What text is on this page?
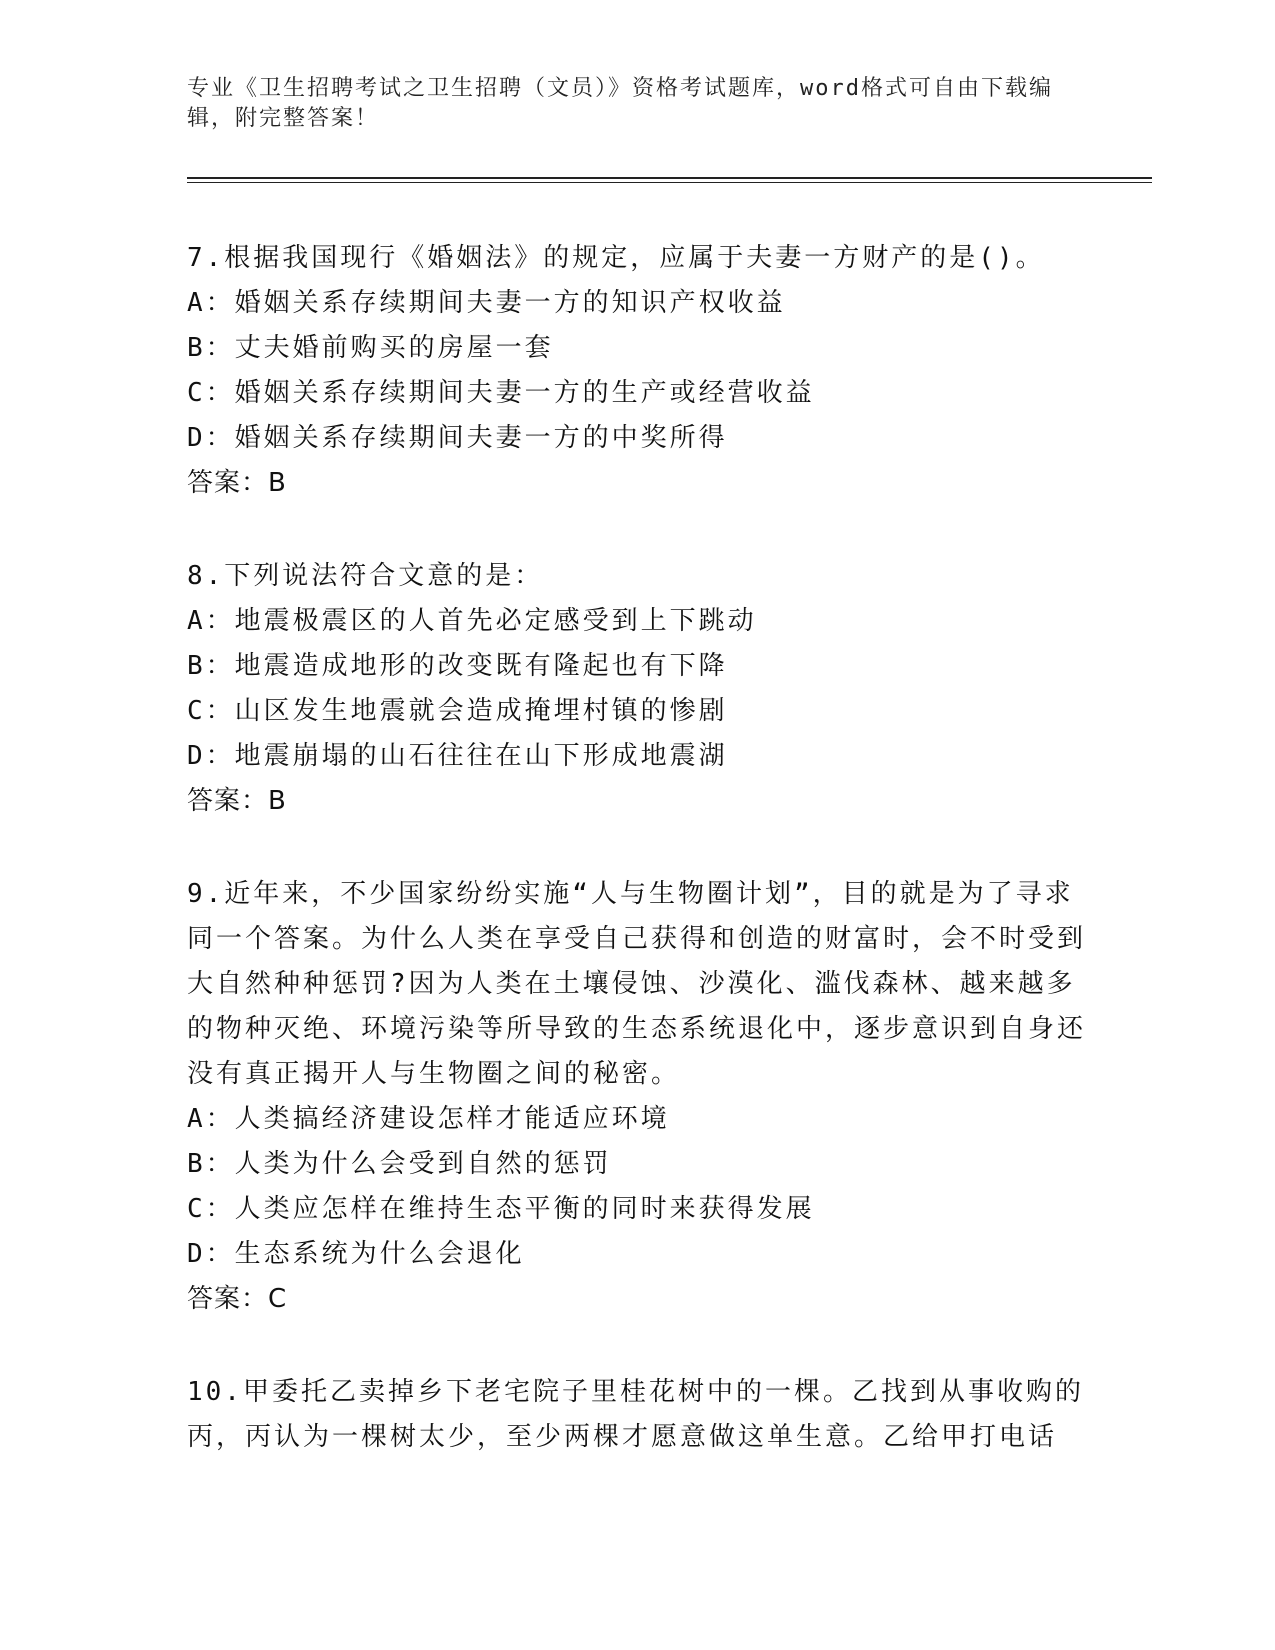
专业《卫生招聘考试之卫生招聘（文员）》资格考试题库，word格式可自由下载编辑，附完整答案！

7.根据我国现行《婚姻法》的规定，应属于夫妻一方财产的是()。

A：婚姻关系存续期间夫妻一方的知识产权收益

B：丈夫婚前购买的房屋一套

C：婚姻关系存续期间夫妻一方的生产或经营收益

D：婚姻关系存续期间夫妻一方的中奖所得

答案：B

8.下列说法符合文意的是：

A：地震极震区的人首先必定感受到上下跳动

B：地震造成地形的改变既有隆起也有下降

C：山区发生地震就会造成掩埋村镇的惨剧

D：地震崩塌的山石往往在山下形成地震湖

答案：B

9.近年来，不少国家纷纷实施“人与生物圈计划”，目的就是为了寻求同一个答案。为什么人类在享受自己获得和创造的财富时，会不时受到大自然种种惩罚?因为人类在土壤侵蚀、沙漠化、滥伐森林、越来越多的物种灭绝、环境污染等所导致的生态系统退化中，逐步意识到自身还没有真正揭开人与生物圈之间的秘密。

A：人类搞经济建设怎样才能适应环境

B：人类为什么会受到自然的惩罚

C：人类应怎样在维持生态平衡的同时来获得发展

D：生态系统为什么会退化

答案：C

10.甲委托乙卖掉乡下老宅院子里桂花树中的一棵。乙找到从事收购的丙，丙认为一棵树太少，至少两棵才愿意做这单生意。乙给甲打电话
